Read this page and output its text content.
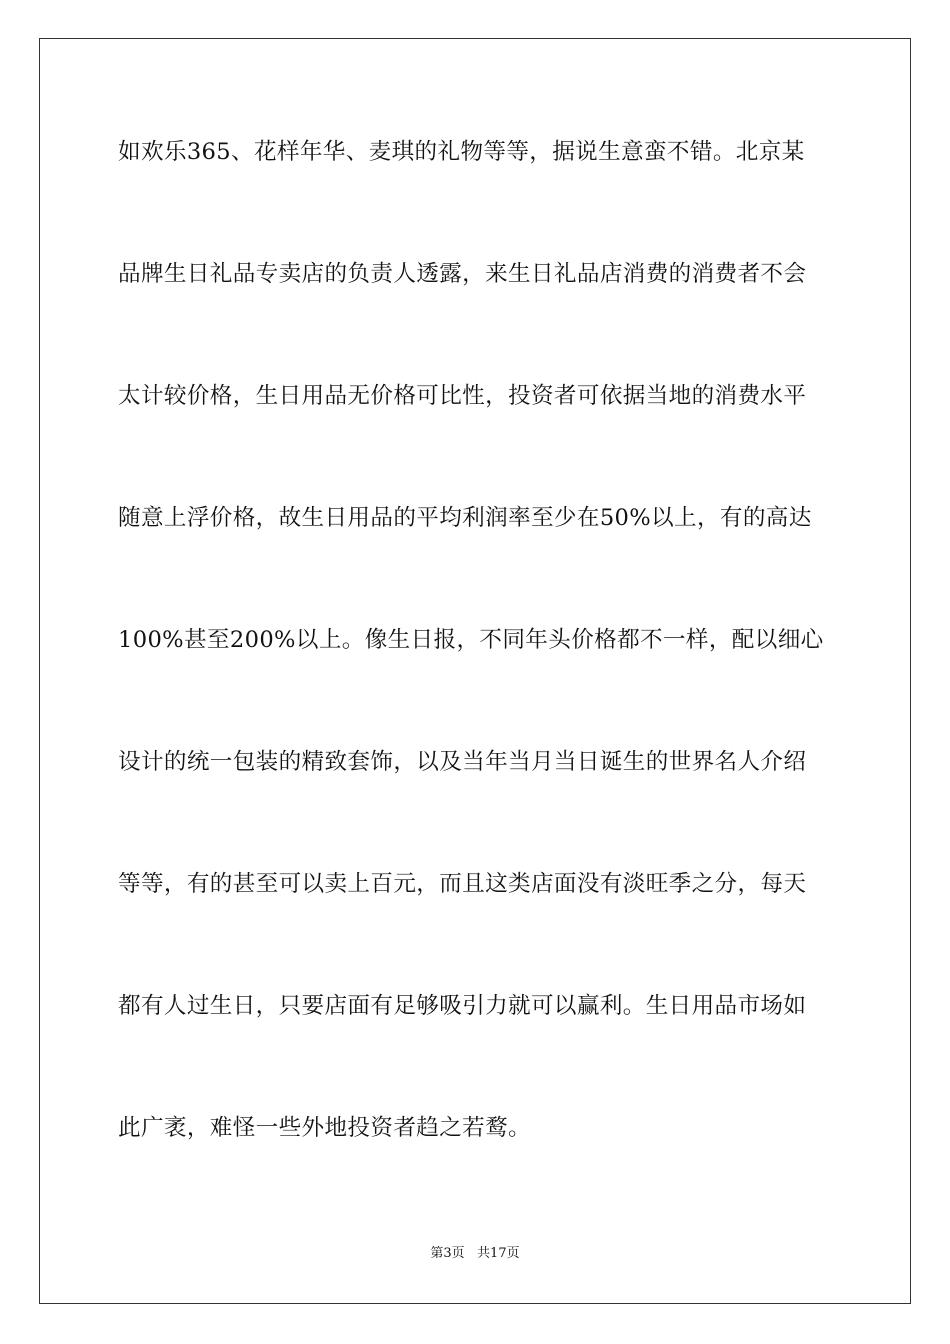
如欢乐365、花样年华、麦琪的礼物等等，据说生意蛮不错。北京某
品牌生日礼品专卖店的负责人透露，来生日礼品店消费的消费者不会
太计较价格，生日用品无价格可比性，投资者可依据当地的消费水平
随意上浮价格，故生日用品的平均利润率至少在50%以上，有的高达
100%甚至200%以上。像生日报，不同年头价格都不一样，配以细心
设计的统一包装的精致套饰，以及当年当月当日诞生的世界名人介绍
等等，有的甚至可以卖上百元，而且这类店面没有淡旺季之分，每天
都有人过生日，只要店面有足够吸引力就可以赢利。生日用品市场如
此广袤，难怪一些外地投资者趋之若鹜。
第3页   共17页
